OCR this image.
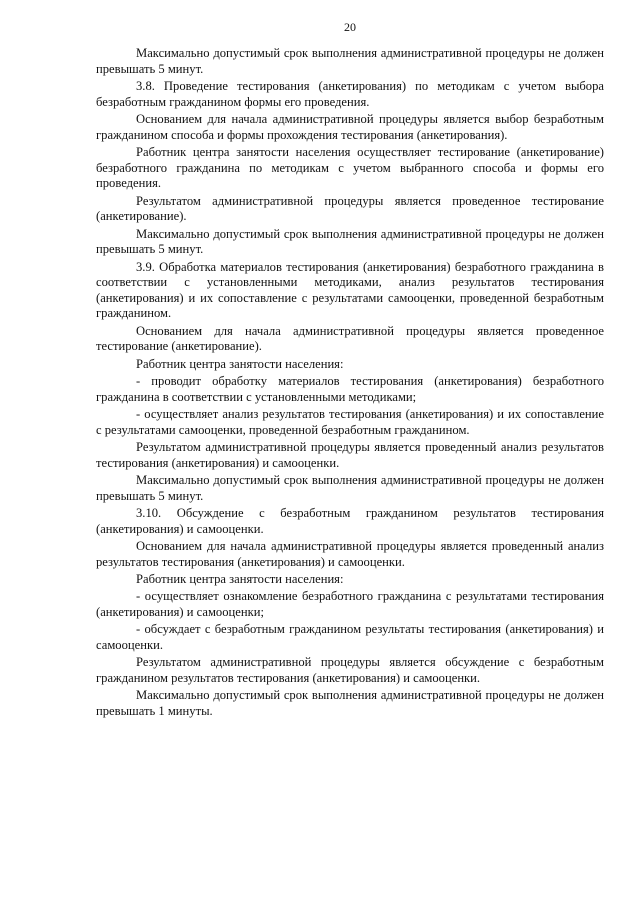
20

Максимально допустимый срок выполнения административной процедуры не должен превышать 5 минут.

3.8. Проведение тестирования (анкетирования) по методикам с учетом выбора безработным гражданином формы его проведения.

Основанием для начала административной процедуры является выбор безработным гражданином способа и формы прохождения тестирования (анкетирования).

Работник центра занятости населения осуществляет тестирование (анкетирование) безработного гражданина по методикам с учетом выбранного способа и формы его проведения.

Результатом административной процедуры является проведенное тестирование (анкетирование).

Максимально допустимый срок выполнения административной процедуры не должен превышать 5 минут.

3.9. Обработка материалов тестирования (анкетирования) безработного гражданина в соответствии с установленными методиками, анализ результатов тестирования (анкетирования) и их сопоставление с результатами самооценки, проведенной безработным гражданином.

Основанием для начала административной процедуры является проведенное тестирование (анкетирование).

Работник центра занятости населения:

- проводит обработку материалов тестирования (анкетирования) безработного гражданина в соответствии с установленными методиками;

- осуществляет анализ результатов тестирования (анкетирования) и их сопоставление с результатами самооценки, проведенной безработным гражданином.

Результатом административной процедуры является проведенный анализ результатов тестирования (анкетирования) и самооценки.

Максимально допустимый срок выполнения административной процедуры не должен превышать 5 минут.

3.10. Обсуждение с безработным гражданином результатов тестирования (анкетирования) и самооценки.

Основанием для начала административной процедуры является проведенный анализ результатов тестирования (анкетирования) и самооценки.

Работник центра занятости населения:

- осуществляет ознакомление безработного гражданина с результатами тестирования (анкетирования) и самооценки;

- обсуждает с безработным гражданином результаты тестирования (анкетирования) и самооценки.

Результатом административной процедуры является обсуждение с безработным гражданином результатов тестирования (анкетирования) и самооценки.

Максимально допустимый срок выполнения административной процедуры не должен превышать 1 минуты.
